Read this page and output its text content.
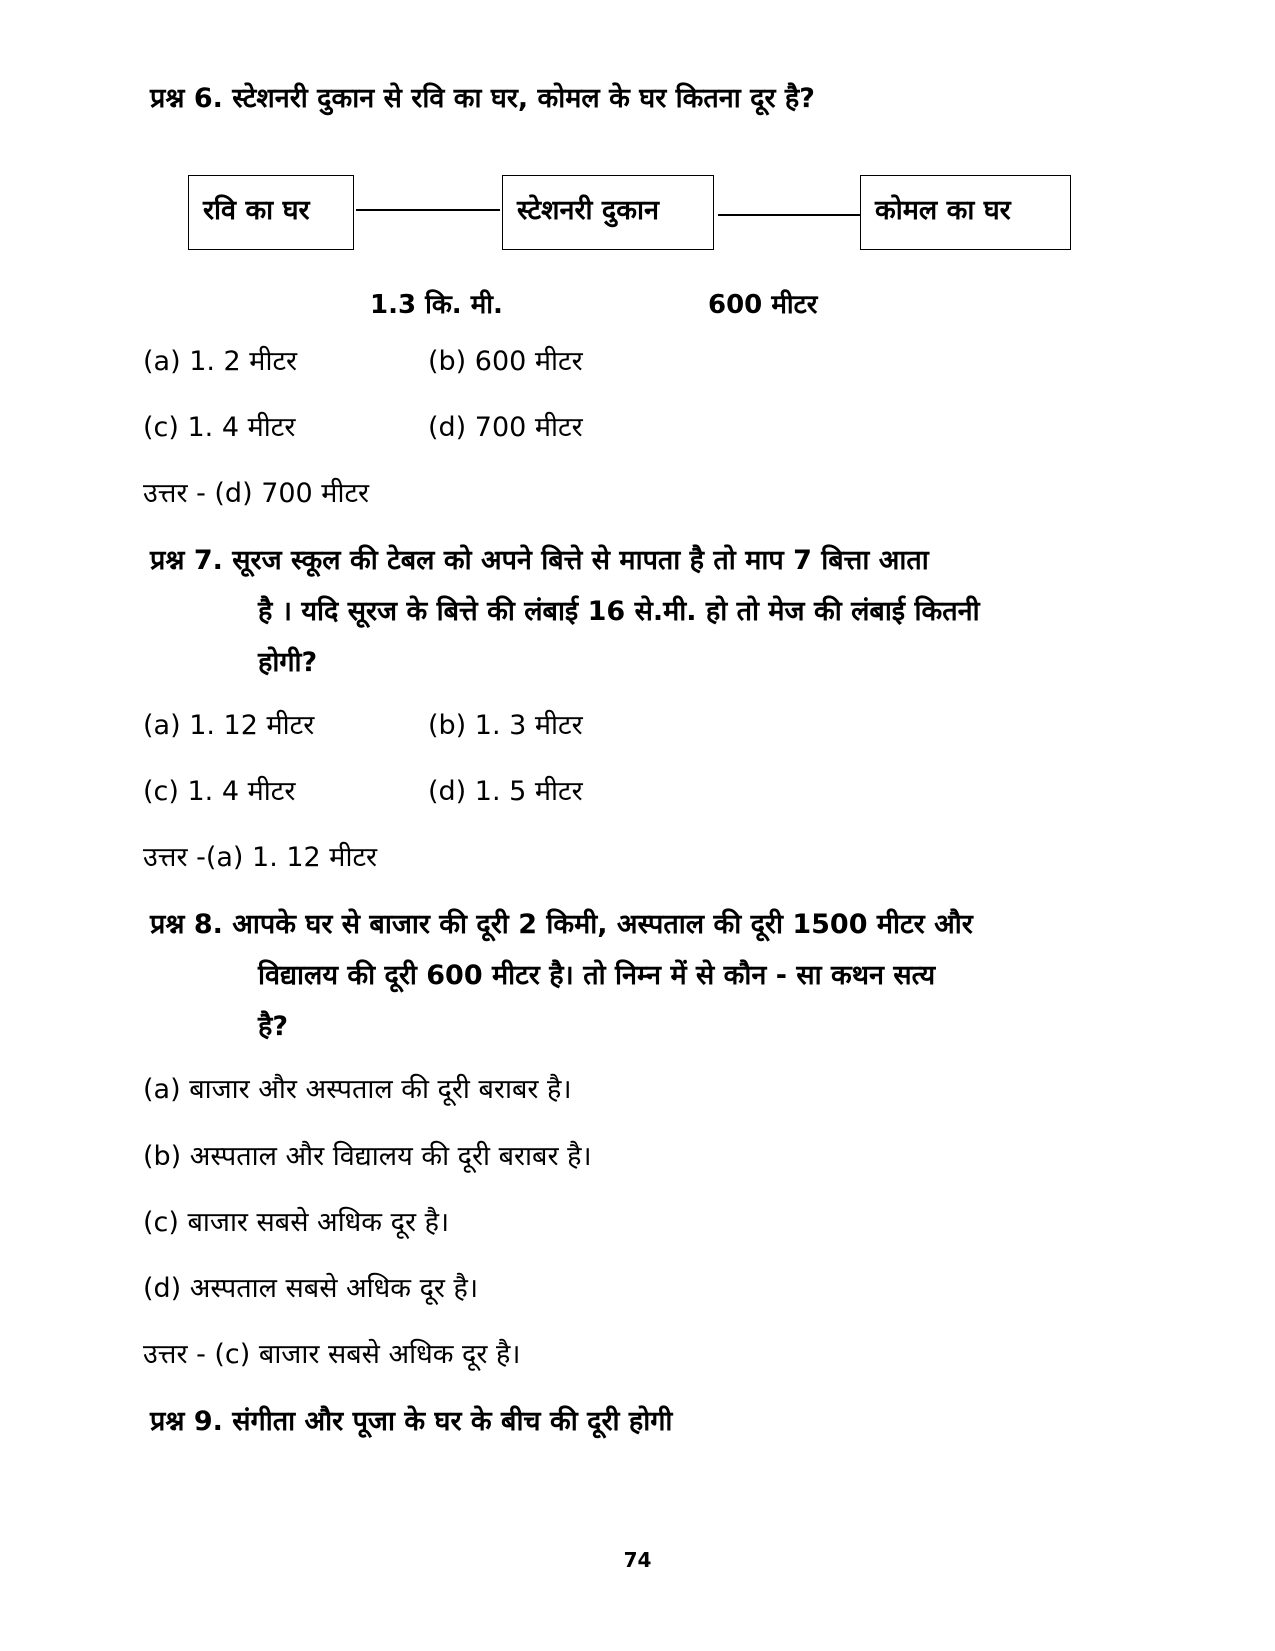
प्रश्न 6. स्टेशनरी दुकान से रवि का घर, कोमल के घर कितना दूर है?
रवि का घर	स्टेशनरी दुकान	कोमल का घर
1.3 कि. मी.	600 मीटर
(a) 1. 2 मीटर	(b) 600 मीटर
(c) 1. 4 मीटर	(d) 700 मीटर
उत्तर - (d) 700 मीटर
प्रश्न 7. सूरज स्कूल की टेबल को अपने बित्ते से मापता है तो माप 7 बित्ता आता
है । यदि सूरज के बित्ते की लंबाई 16 से.मी. हो तो मेज की लंबाई कितनी
होगी?
(a) 1. 12 मीटर	(b) 1. 3 मीटर
(c) 1. 4 मीटर	(d) 1. 5 मीटर
उत्तर -(a) 1. 12 मीटर
प्रश्न 8. आपके घर से बाजार की दूरी 2 किमी, अस्पताल की दूरी 1500 मीटर और
विद्यालय की दूरी 600 मीटर है। तो निम्न में से कौन - सा कथन सत्य
है?
(a) बाजार और अस्पताल की दूरी बराबर है।
(b) अस्पताल और विद्यालय की दूरी बराबर है।
(c) बाजार सबसे अधिक दूर है।
(d) अस्पताल सबसे अधिक दूर है।
उत्तर - (c) बाजार सबसे अधिक दूर है।
प्रश्न 9. संगीता और पूजा के घर के बीच की दूरी होगी
74
